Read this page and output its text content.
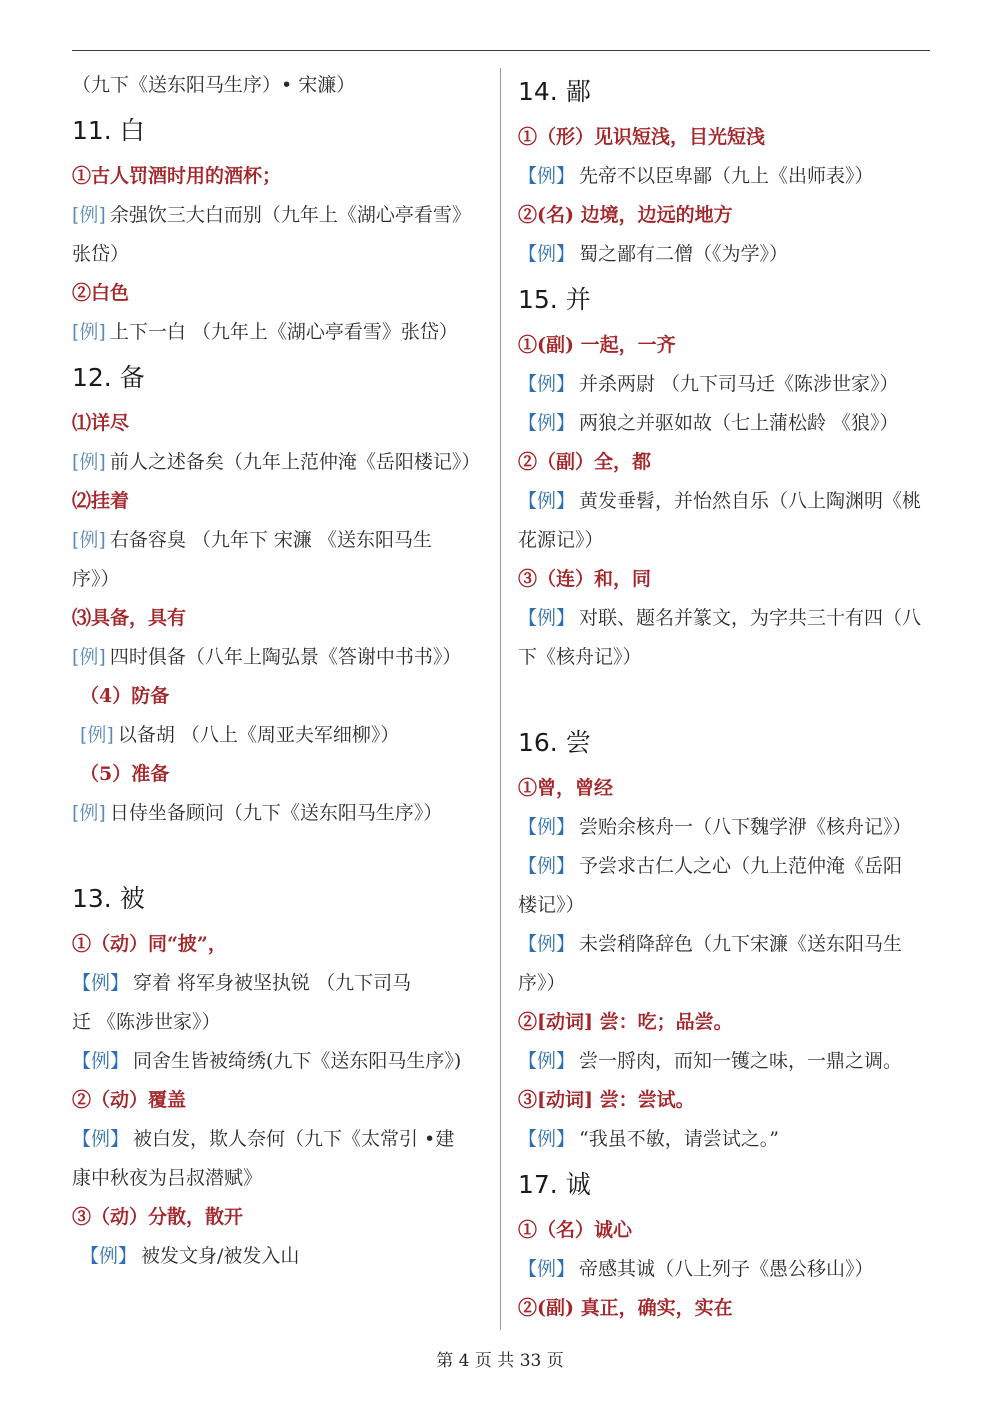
（九下《送东阳马生序）• 宋濂）
11. 白
①古人罚酒时用的酒杯；
[例] 余强饮三大白而别（九年上《湖心亭看雪》
张岱）
②白色
[例] 上下一白 （九年上《湖心亭看雪》张岱）
12. 备
⑴详尽
[例] 前人之述备矣（九年上范仲淹《岳阳楼记》）
⑵挂着
[例] 右备容臭 （九年下 宋濂 《送东阳马生
序》）
⑶具备，具有
[例] 四时俱备（八年上陶弘景《答谢中书书》）
（4）防备
[例] 以备胡 （八上《周亚夫军细柳》）
（5）准备
[例] 日侍坐备顾问（九下《送东阳马生序》）
13. 被
①（动）同“披”，
【例】 穿着 将军身被坚执锐 （九下司马
迁 《陈涉世家》）
【例】 同舍生皆被绮绣(九下《送东阳马生序》)
②（动）覆盖
【例】 被白发，欺人奈何（九下《太常引 •建
康中秋夜为吕叔潜赋》
③（动）分散，散开
【例】 被发文身/被发入山
14. 鄙
①（形）见识短浅，目光短浅
【例】 先帝不以臣卑鄙（九上《出师表》）
②(名) 边境，边远的地方
【例】 蜀之鄙有二僧（《为学》）
15. 并
①(副) 一起，一齐
【例】 并杀两尉 （九下司马迁《陈涉世家》）
【例】 两狼之并驱如故（七上蒲松龄 《狼》）
②（副）全，都
【例】 黄发垂髫，并怡然自乐（八上陶渊明《桃
花源记》）
③（连）和，同
【例】 对联、题名并篆文，为字共三十有四（八
下《核舟记》）
16. 尝
①曾，曾经
【例】 尝贻余核舟一（八下魏学洢《核舟记》）
【例】 予尝求古仁人之心（九上范仲淹《岳阳
楼记》）
【例】 未尝稍降辞色（九下宋濂《送东阳马生
序》）
②[动词] 尝：吃；品尝。
【例】 尝一脟肉，而知一镬之味，一鼎之调。
③[动词] 尝：尝试。
【例】 “我虽不敏，请尝试之。”
17. 诚
①（名）诚心
【例】 帝感其诚（八上列子《愚公移山》）
②(副) 真正，确实，实在
第 4 页 共 33 页
